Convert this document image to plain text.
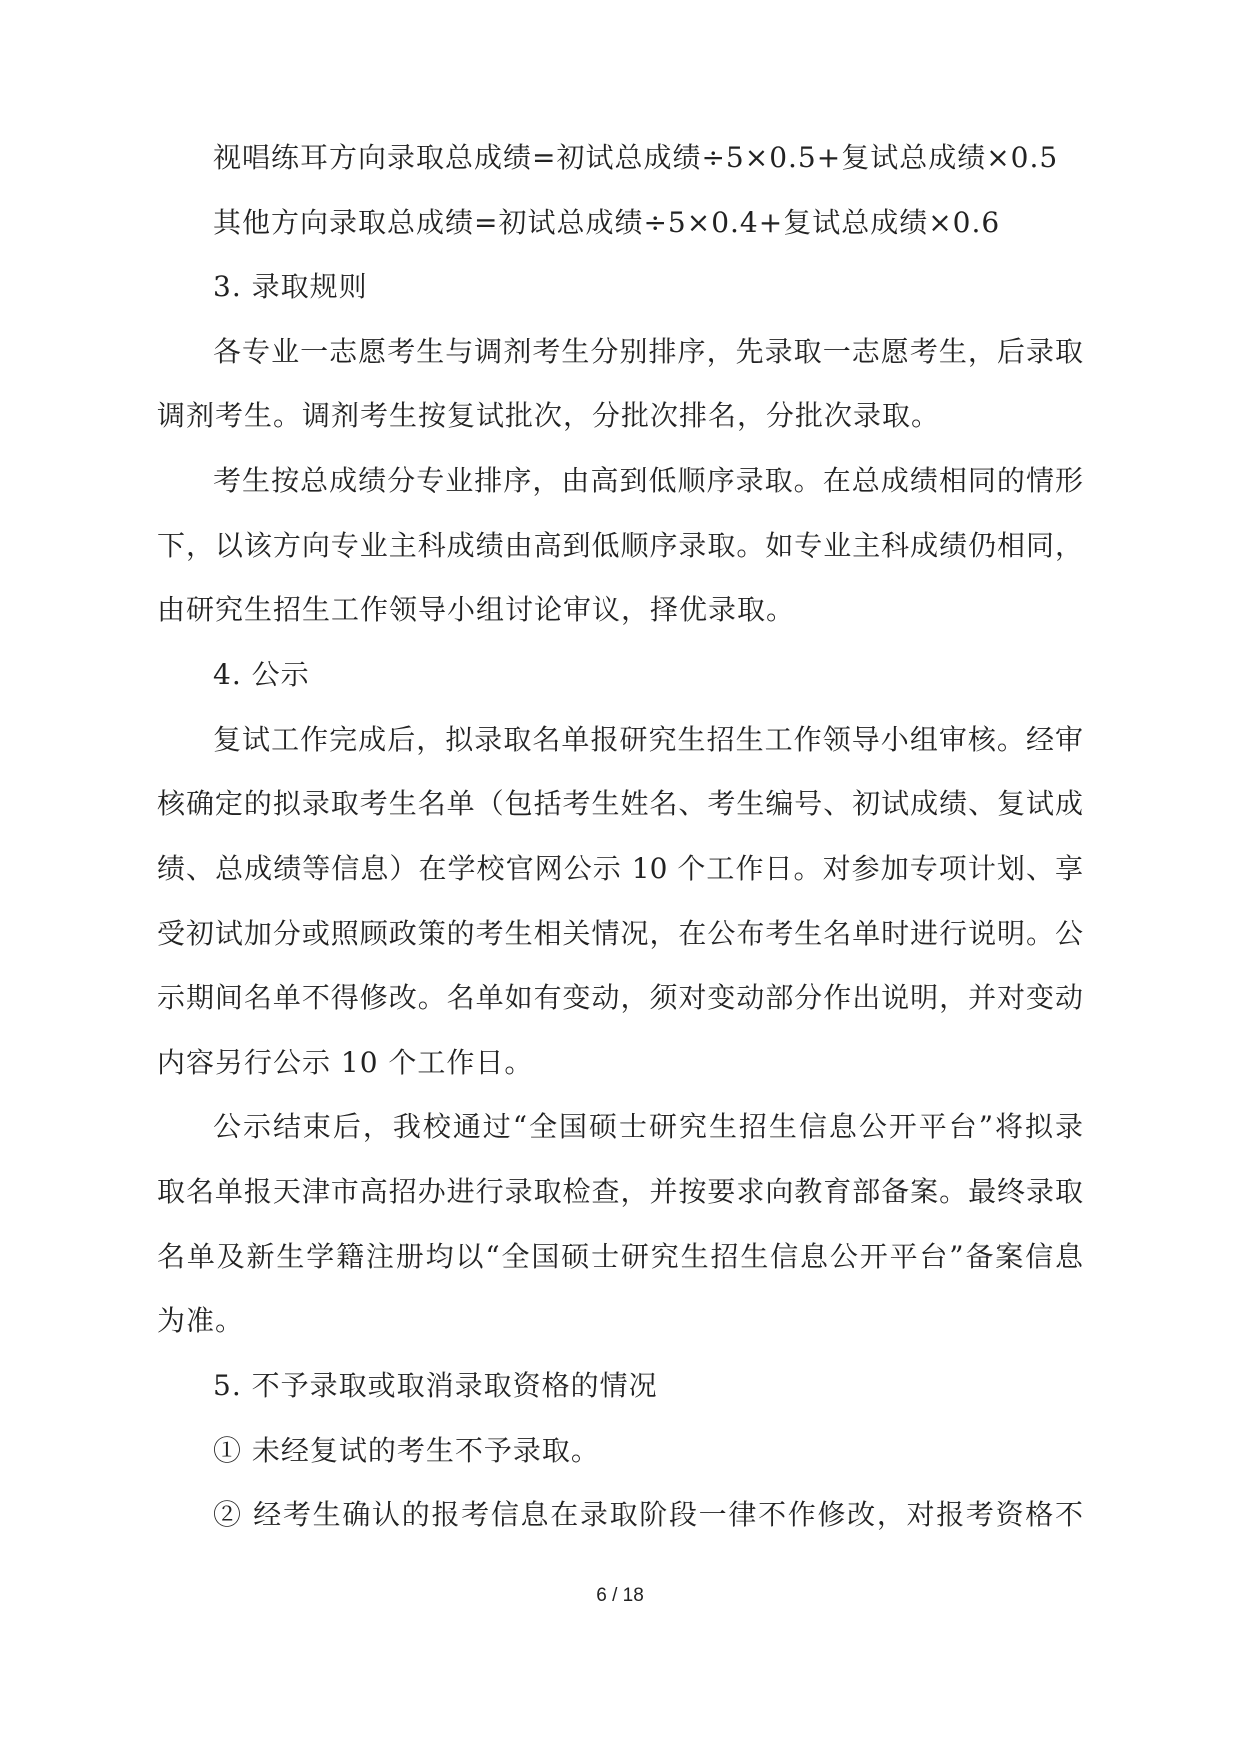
视唱练耳方向录取总成绩=初试总成绩÷5×0.5+复试总成绩×0.5
其他方向录取总成绩=初试总成绩÷5×0.4+复试总成绩×0.6
3. 录取规则
各专业一志愿考生与调剂考生分别排序，先录取一志愿考生，后录取
调剂考生。调剂考生按复试批次，分批次排名，分批次录取。
考生按总成绩分专业排序，由高到低顺序录取。在总成绩相同的情形
下，以该方向专业主科成绩由高到低顺序录取。如专业主科成绩仍相同，
由研究生招生工作领导小组讨论审议，择优录取。
4. 公示
复试工作完成后，拟录取名单报研究生招生工作领导小组审核。经审
核确定的拟录取考生名单（包括考生姓名、考生编号、初试成绩、复试成
绩、总成绩等信息）在学校官网公示 10 个工作日。对参加专项计划、享
受初试加分或照顾政策的考生相关情况，在公布考生名单时进行说明。公
示期间名单不得修改。名单如有变动，须对变动部分作出说明，并对变动
内容另行公示 10 个工作日。
公示结束后，我校通过“全国硕士研究生招生信息公开平台”将拟录
取名单报天津市高招办进行录取检查，并按要求向教育部备案。最终录取
名单及新生学籍注册均以“全国硕士研究生招生信息公开平台”备案信息
为准。
5. 不予录取或取消录取资格的情况
① 未经复试的考生不予录取。
② 经考生确认的报考信息在录取阶段一律不作修改，对报考资格不
6 / 18
